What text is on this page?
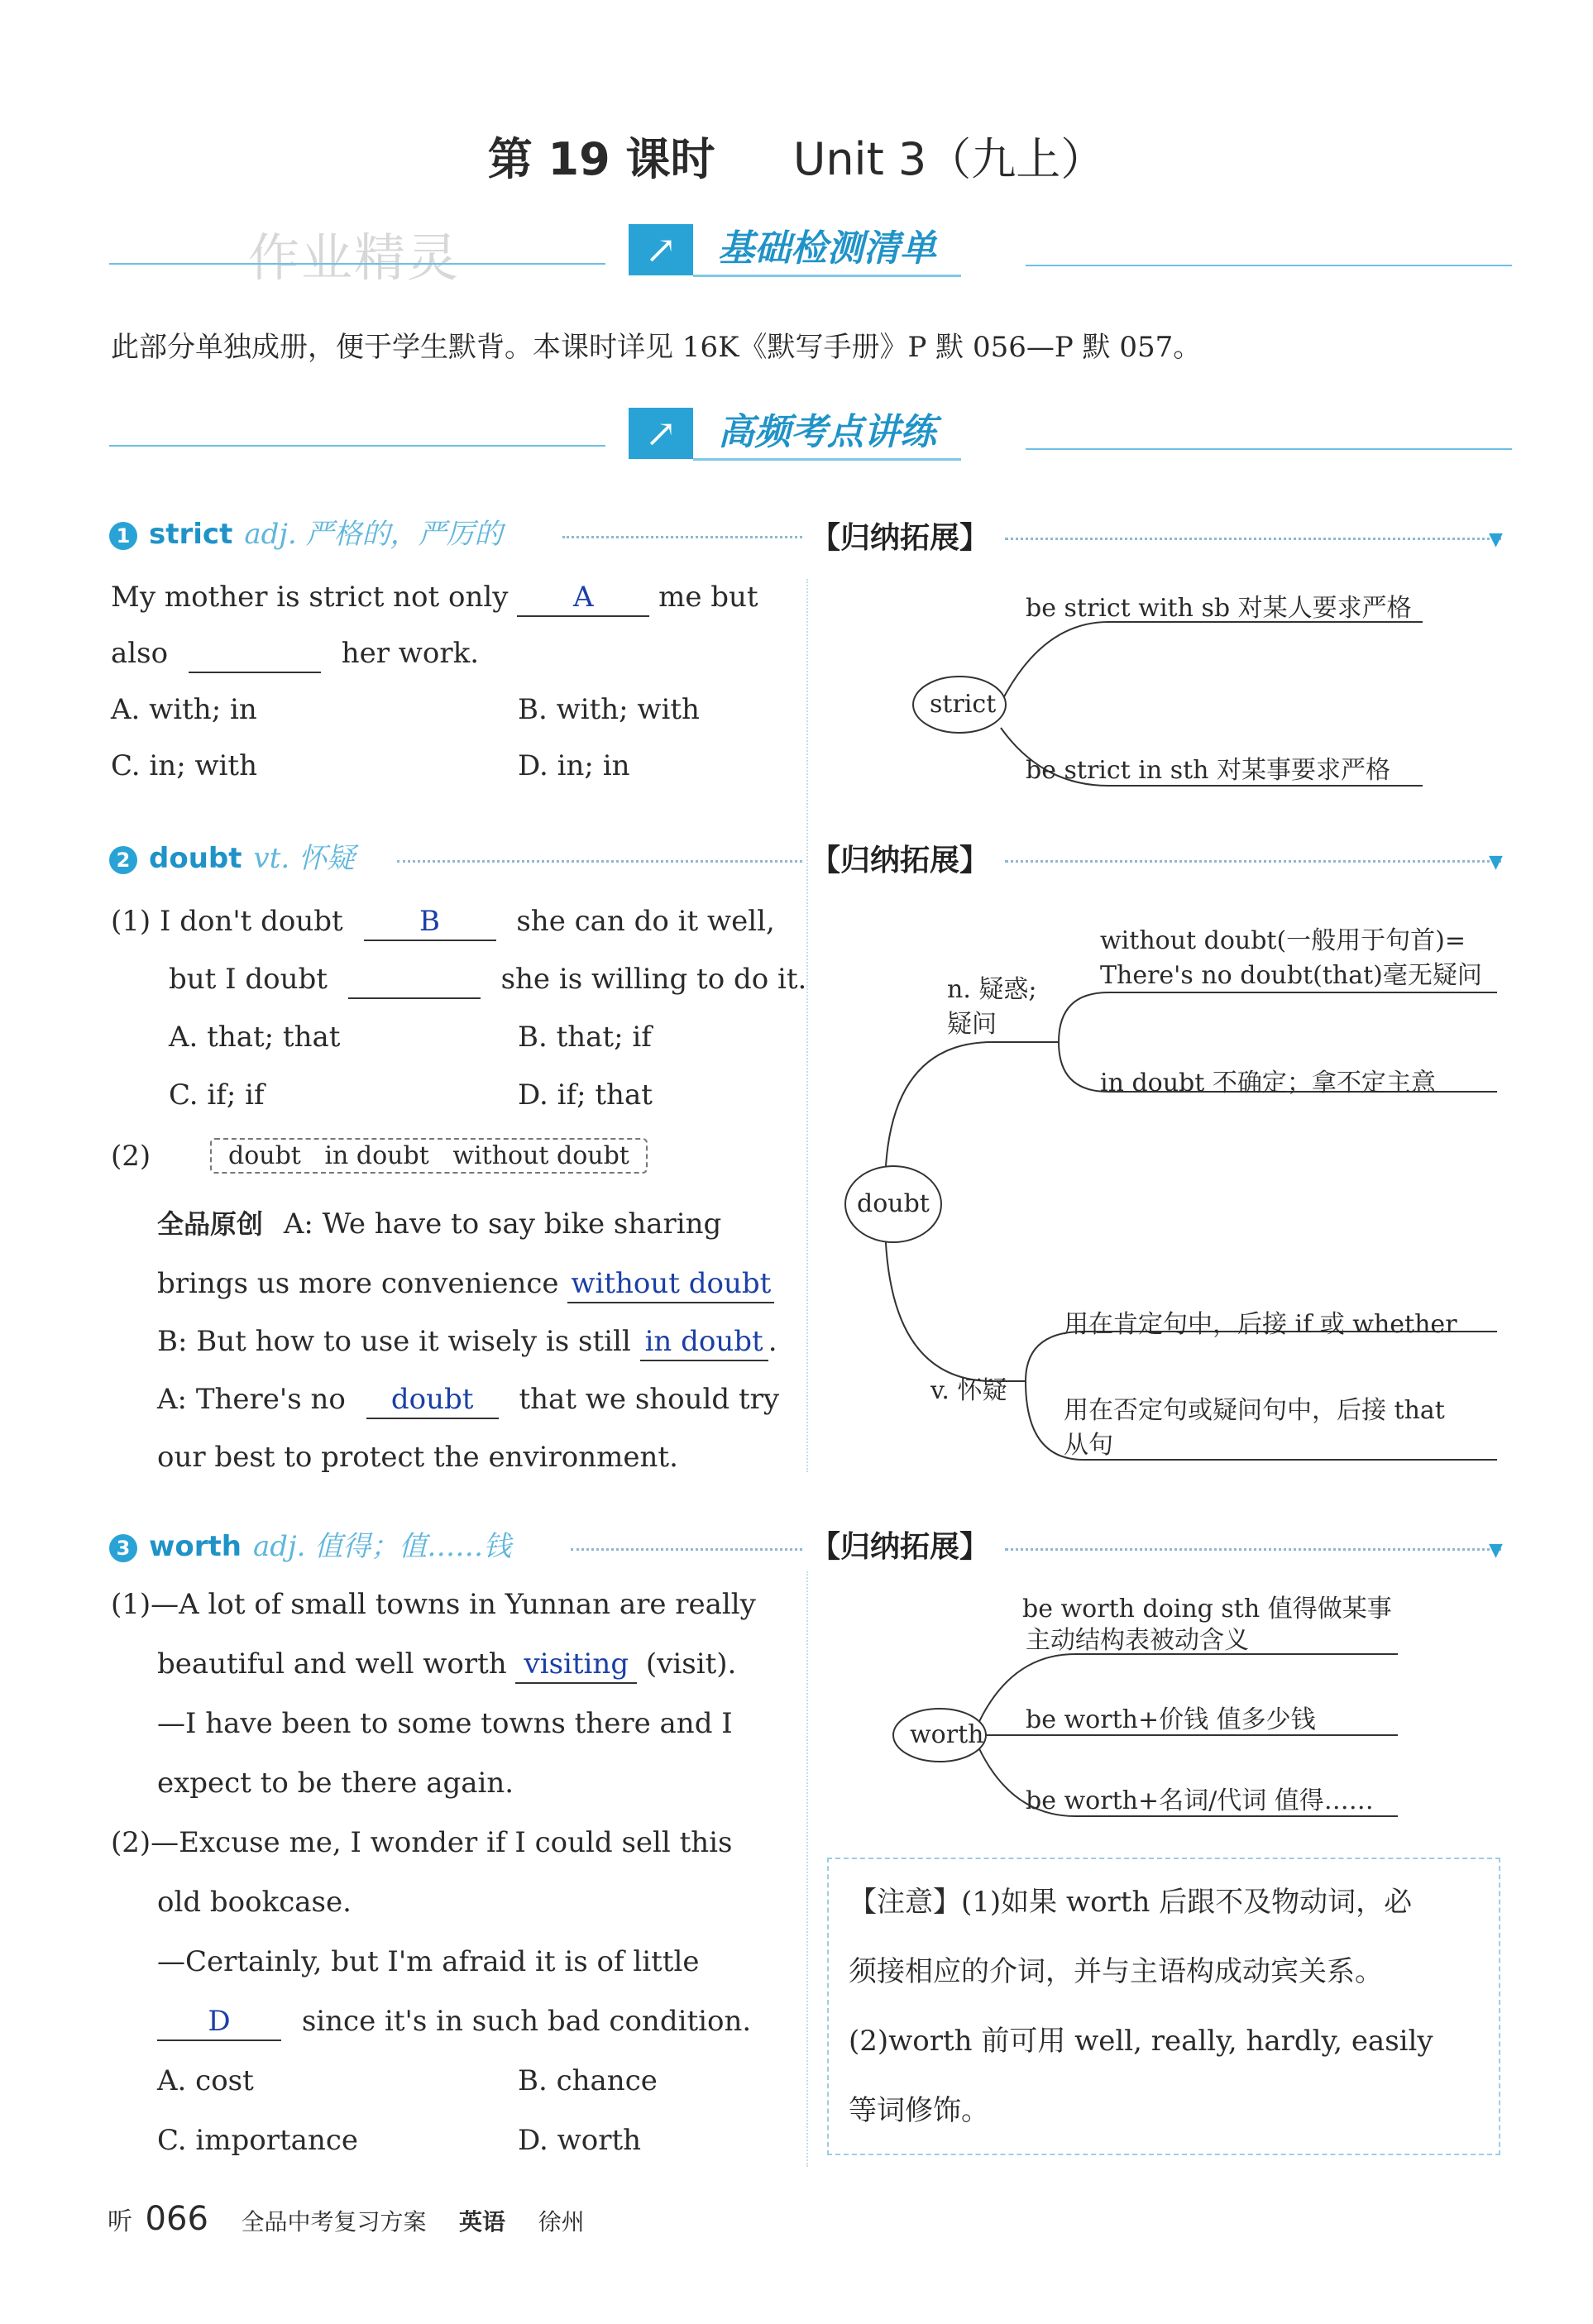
第 19 课时 Unit 3（九上）
作业精灵	↗	基础检测清单
此部分单独成册，便于学生默背。本课时详见 16K《默写手册》P 默 056—P 默 057。
↗	高频考点讲练
1 strict adj. 严格的，严厉的	【归纳拓展】	▼
My mother is strict not only A me but
also	her work.
A. with; in	B. with; with
C. in; with	D. in; in
strict
be strict with sb 对某人要求严格
be strict in sth 对某事要求严格
2 doubt vt. 怀疑	【归纳拓展】	▼
(1) I don't doubt	B	she can do it well,
but I doubt	she is willing to do it.
A. that; that	B. that; if
C. if; if	D. if; that
(2)	doubt   in doubt   without doubt
全品原创 A: We have to say bike sharing
brings us more convenience without doubt
B: But how to use it wisely is still in doubt .
A: There's no doubt that we should try
our best to protect the environment.
doubt
n. 疑惑;
疑问
without doubt(一般用于句首)=
There's no doubt(that)毫无疑问
in doubt 不确定；拿不定主意
v. 怀疑
用在肯定句中，后接 if 或 whether
用在否定句或疑问句中，后接 that
从句
3 worth adj. 值得；值……钱	【归纳拓展】	▼
(1)—A lot of small towns in Yunnan are really
beautiful and well worth visiting (visit).
—I have been to some towns there and I
expect to be there again.
(2)—Excuse me, I wonder if I could sell this
old bookcase.
—Certainly, but I'm afraid it is of little
D	since it's in such bad condition.
A. cost	B. chance
C. importance	D. worth
worth
be worth doing sth 值得做某事
主动结构表被动含义
be worth+价钱 值多少钱
be worth+名词/代词 值得……
【注意】(1)如果 worth 后跟不及物动词，必
须接相应的介词，并与主语构成动宾关系。
(2)worth 前可用 well, really, hardly, easily
等词修饰。
听 066 全品中考复习方案 英语 徐州
